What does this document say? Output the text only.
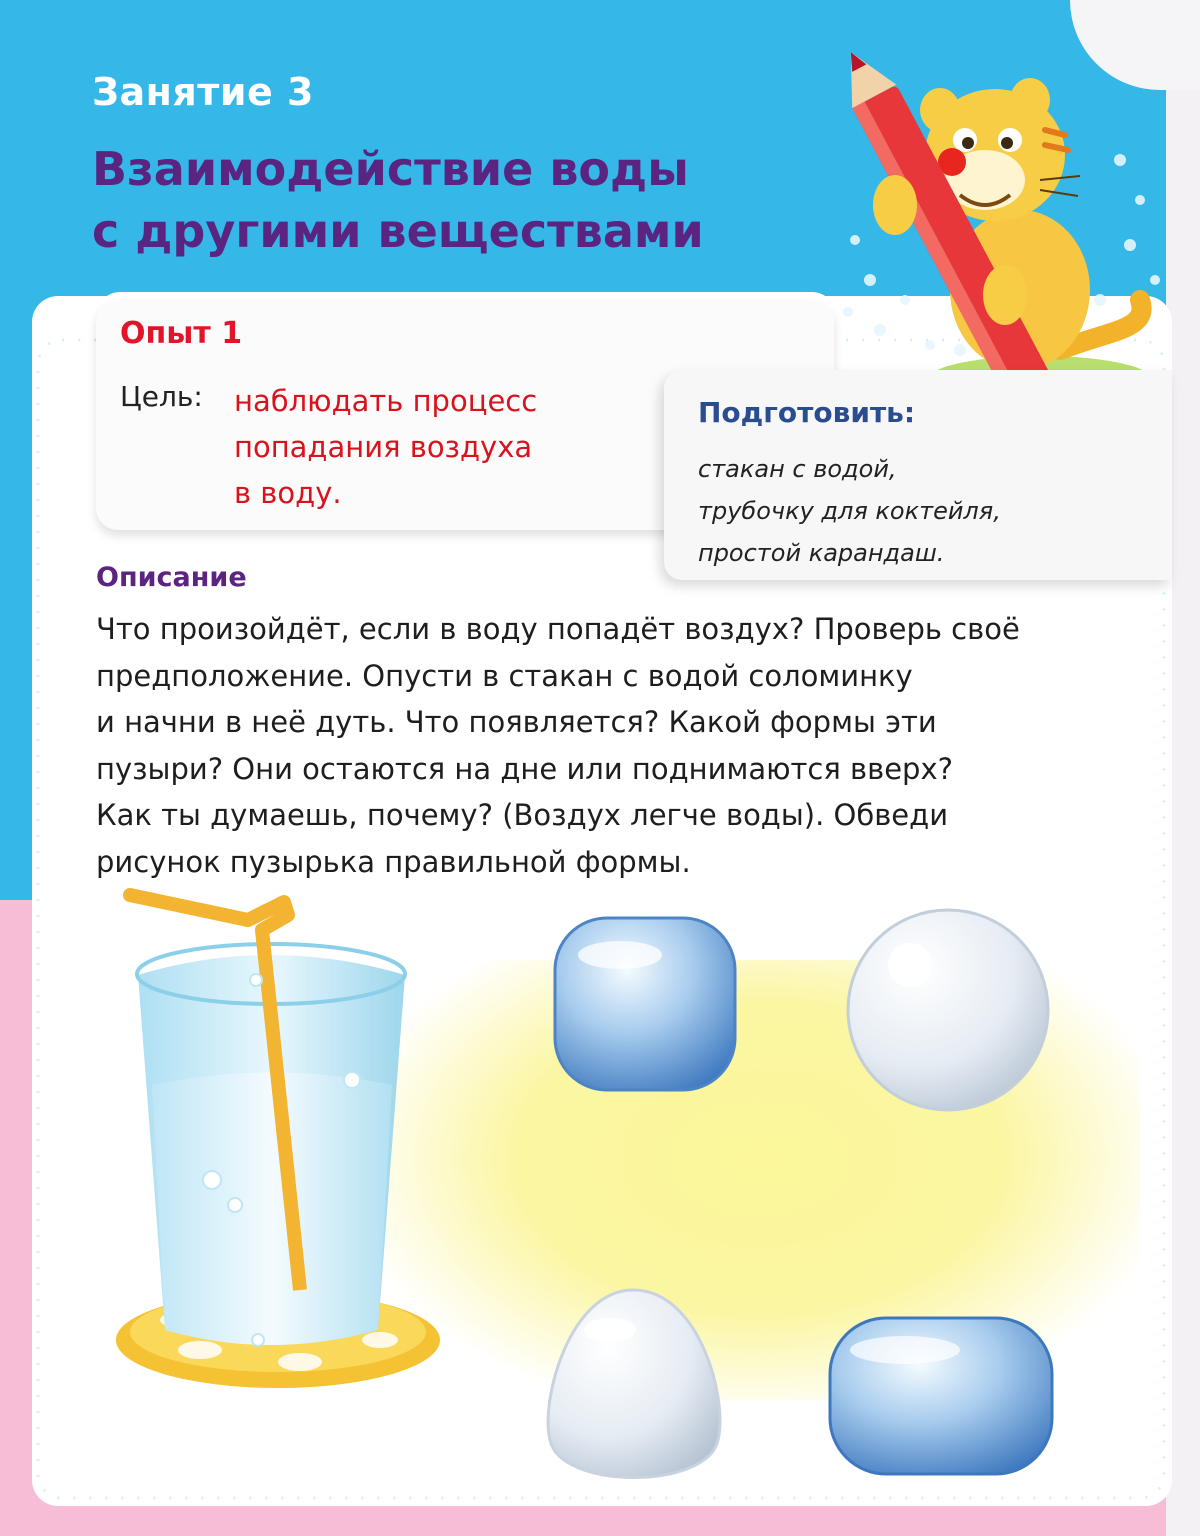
Занятие 3
Взаимодействие воды
с другими веществами
Опыт 1
Цель: наблюдать процесс
попадания воздуха
в воду.
Подготовить:
стакан с водой,
трубочку для коктейля,
простой карандаш.
Описание
Что произойдёт, если в воду попадёт воздух? Проверь своё
предположение. Опусти в стакан с водой соломинку
и начни в неё дуть. Что появляется? Какой формы эти
пузыри? Они остаются на дне или поднимаются вверх?
Как ты думаешь, почему? (Воздух легче воды). Обведи
рисунок пузырька правильной формы.
